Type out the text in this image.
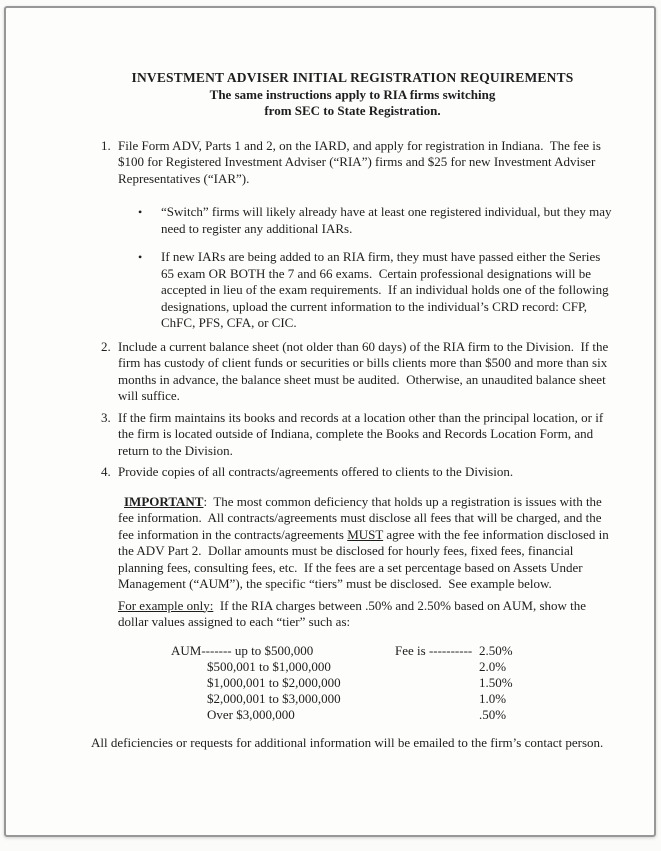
INVESTMENT ADVISER INITIAL REGISTRATION REQUIREMENTS
The same instructions apply to RIA firms switching
from SEC to State Registration.
1. File Form ADV, Parts 1 and 2, on the IARD, and apply for registration in Indiana.  The fee is $100 for Registered Investment Adviser (“RIA”) firms and $25 for new Investment Adviser Representatives (“IAR”).
•	“Switch” firms will likely already have at least one registered individual, but they may need to register any additional IARs.
•	If new IARs are being added to an RIA firm, they must have passed either the Series 65 exam OR BOTH the 7 and 66 exams.  Certain professional designations will be accepted in lieu of the exam requirements.  If an individual holds one of the following designations, upload the current information to the individual’s CRD record: CFP, ChFC, PFS, CFA, or CIC.
2. Include a current balance sheet (not older than 60 days) of the RIA firm to the Division.  If the firm has custody of client funds or securities or bills clients more than $500 and more than six months in advance, the balance sheet must be audited.  Otherwise, an unaudited balance sheet will suffice.
3. If the firm maintains its books and records at a location other than the principal location, or if the firm is located outside of Indiana, complete the Books and Records Location Form, and return to the Division.
4. Provide copies of all contracts/agreements offered to clients to the Division.
IMPORTANT:  The most common deficiency that holds up a registration is issues with the fee information.  All contracts/agreements must disclose all fees that will be charged, and the fee information in the contracts/agreements MUST agree with the fee information disclosed in the ADV Part 2.  Dollar amounts must be disclosed for hourly fees, fixed fees, financial planning fees, consulting fees, etc.  If the fees are a set percentage based on Assets Under Management (“AUM”), the specific “tiers” must be disclosed.  See example below.
For example only:  If the RIA charges between .50% and 2.50% based on AUM, show the dollar values assigned to each “tier” such as:
AUM------- up to $500,000	Fee is ---------- 2.50%
$500,001 to $1,000,000	2.0%
$1,000,001 to $2,000,000	1.50%
$2,000,001 to $3,000,000	1.0%
Over $3,000,000	.50%
All deficiencies or requests for additional information will be emailed to the firm’s contact person.
